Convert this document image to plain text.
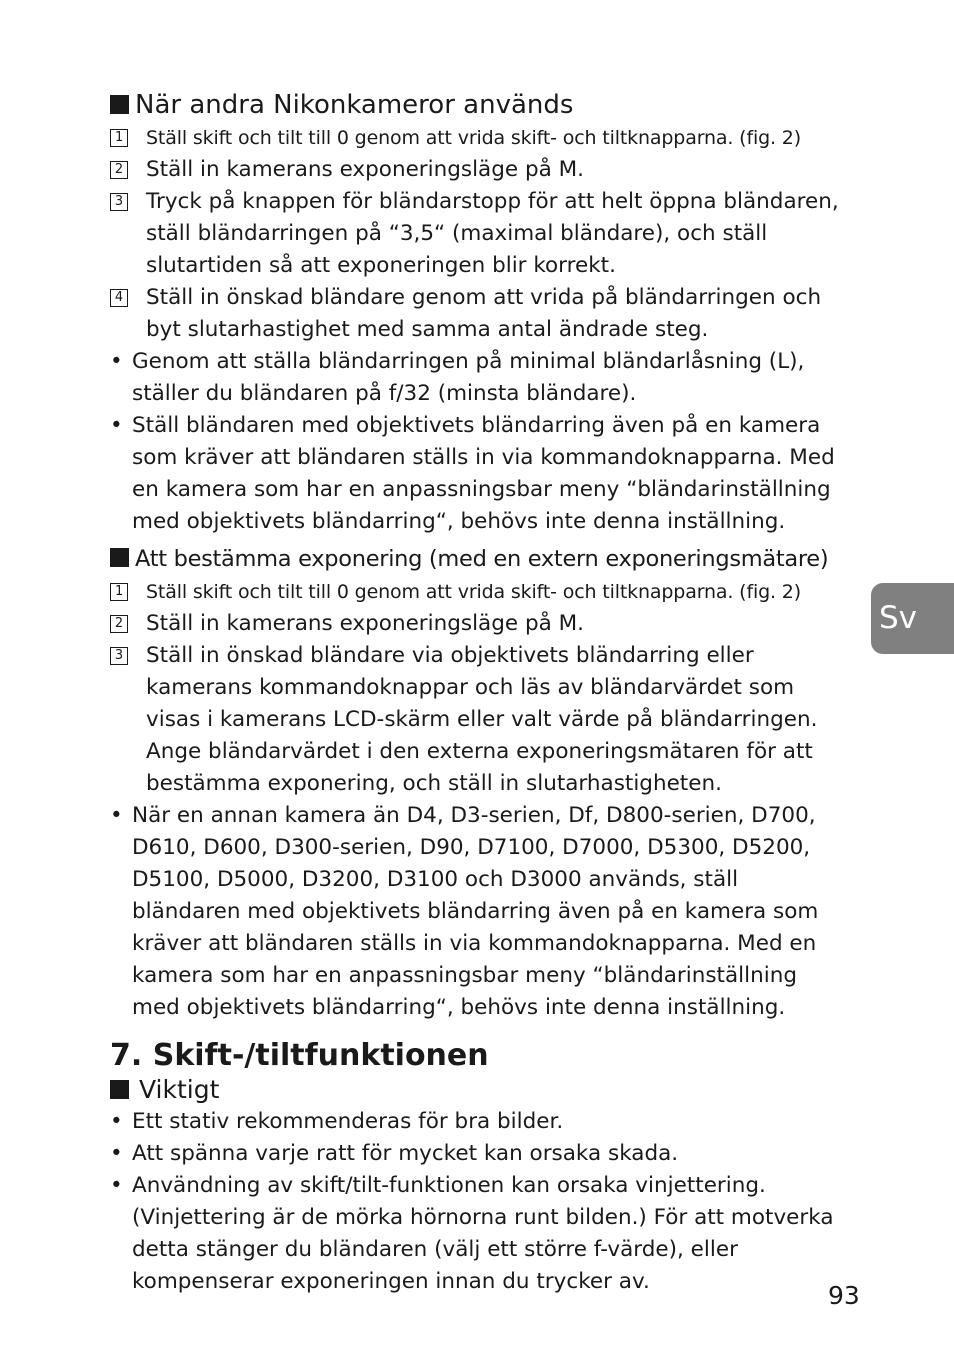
När andra Nikonkameror används
1 Ställ skift och tilt till 0 genom att vrida skift- och tiltknapparna. (fig. 2)
2 Ställ in kamerans exponeringsläge på M.
3 Tryck på knappen för bländarstopp för att helt öppna bländaren, ställ bländarringen på “3,5“ (maximal bländare), och ställ slutartiden så att exponeringen blir korrekt.
4 Ställ in önskad bländare genom att vrida på bländarringen och byt slutarhastighet med samma antal ändrade steg.
• Genom att ställa bländarringen på minimal bländarlåsning (L), ställer du bländaren på f/32 (minsta bländare).
• Ställ bländaren med objektivets bländarring även på en kamera som kräver att bländaren ställs in via kommandoknapparna. Med en kamera som har en anpassningsbar meny “bländarinställning med objektivets bländarring“, behövs inte denna inställning.
Att bestämma exponering (med en extern exponeringsmätare)
1 Ställ skift och tilt till 0 genom att vrida skift- och tiltknapparna. (fig. 2)
2 Ställ in kamerans exponeringsläge på M.
3 Ställ in önskad bländare via objektivets bländarring eller kamerans kommandoknappar och läs av bländarvärdet som visas i kamerans LCD-skärm eller valt värde på bländarringen. Ange bländarvärdet i den externa exponeringsmätaren för att bestämma exponering, och ställ in slutarhastigheten.
• När en annan kamera än D4, D3-serien, Df, D800-serien, D700, D610, D600, D300-serien, D90, D7100, D7000, D5300, D5200, D5100, D5000, D3200, D3100 och D3000 används, ställ bländaren med objektivets bländarring även på en kamera som kräver att bländaren ställs in via kommandoknapparna. Med en kamera som har en anpassningsbar meny “bländarinställning med objektivets bländarring“, behövs inte denna inställning.
7. Skift-/tiltfunktionen
Viktigt
• Ett stativ rekommenderas för bra bilder.
• Att spänna varje ratt för mycket kan orsaka skada.
• Användning av skift/tilt-funktionen kan orsaka vinjettering. (Vinjettering är de mörka hörnorna runt bilden.) För att motverka detta stänger du bländaren (välj ett större f-värde), eller kompenserar exponeringen innan du trycker av.
Sv
93
